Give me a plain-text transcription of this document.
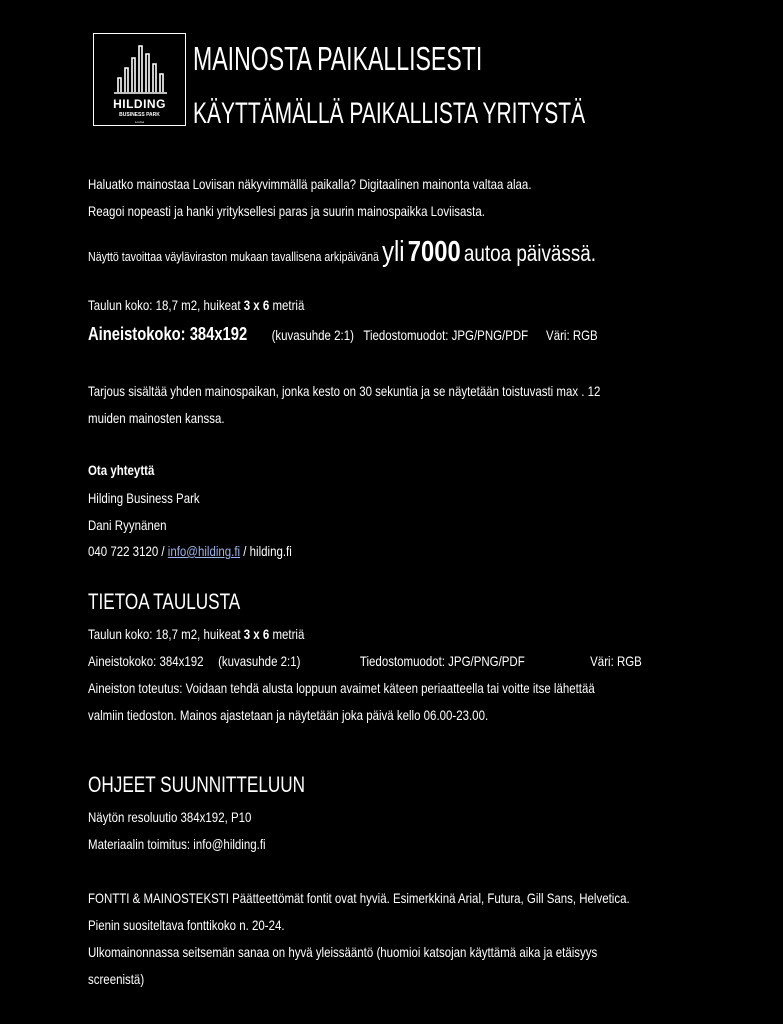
HILDING
BUSINESS PARK
Loviisa
MAINOSTA PAIKALLISESTI
KÄYTTÄMÄLLÄ PAIKALLISTA YRITYSTÄ
Haluatko mainostaa Loviisan näkyvimmällä paikalla? Digitaalinen mainonta valtaa alaa.
Reagoi nopeasti ja hanki yrityksellesi paras ja suurin mainospaikka Loviisasta.
Näyttö tavoittaa väyläviraston mukaan tavallisena arkipäivänä yli 7000 autoa päivässä.
Taulun koko: 18,7 m2, huikeat 3 x 6 metriä
Aineistokoko: 384x192 (kuvasuhde 2:1) Tiedostomuodot: JPG/PNG/PDF Väri: RGB
Tarjous sisältää yhden mainospaikan, jonka kesto on 30 sekuntia ja se näytetään toistuvasti max . 12
muiden mainosten kanssa.
Ota yhteyttä
Hilding Business Park
Dani Ryynänen
040 722 3120 / info@hilding.fi / hilding.fi
TIETOA TAULUSTA
Taulun koko: 18,7 m2, huikeat 3 x 6 metriä
Aineistokoko: 384x192 (kuvasuhde 2:1)	Tiedostomuodot: JPG/PNG/PDF	Väri: RGB
Aineiston toteutus: Voidaan tehdä alusta loppuun avaimet käteen periaatteella tai voitte itse lähettää
valmiin tiedoston. Mainos ajastetaan ja näytetään joka päivä kello 06.00-23.00.
OHJEET SUUNNITTELUUN
Näytön resoluutio 384x192, P10
Materiaalin toimitus: info@hilding.fi
FONTTI & MAINOSTEKSTI Päätteettömät fontit ovat hyviä. Esimerkkinä Arial, Futura, Gill Sans, Helvetica.
Pienin suositeltava fonttikoko n. 20-24.
Ulkomainonnassa seitsemän sanaa on hyvä yleissääntö (huomioi katsojan käyttämä aika ja etäisyys
screenistä)
